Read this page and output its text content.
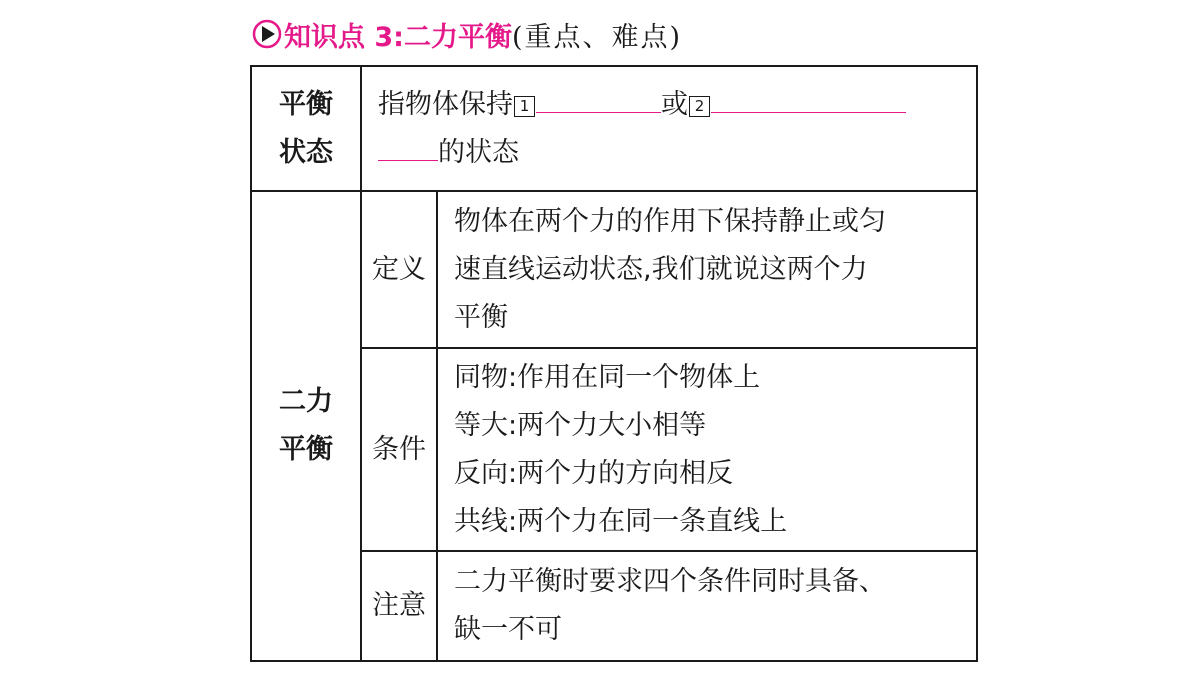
知识点 3:二力平衡 (重点、难点)
平衡
状态	指物体保持 1 或 2
的状态	

二力
平衡	定义	物体在两个力的作用下保持静止或匀
速直线运动状态,我们就说这两个力
平衡

	条件	同物:作用在同一个物体上
等大:两个力大小相等
反向:两个力的方向相反
共线:两个力在同一条直线上

	注意	二力平衡时要求四个条件同时具备、
缺一不可
